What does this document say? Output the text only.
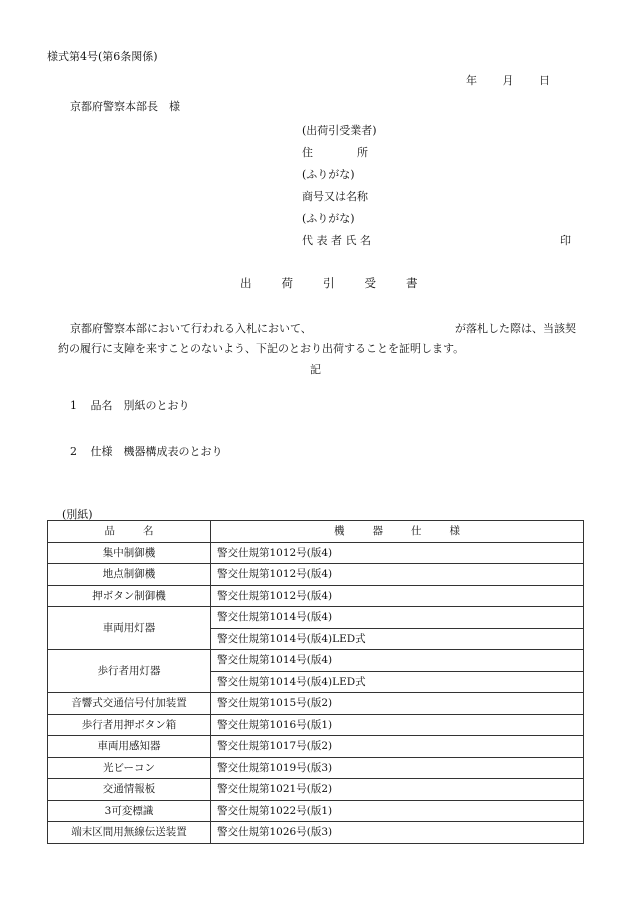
様式第4号(第6条関係)
年 月 日
京都府警察本部長　様
(出荷引受業者)
住　　　　所
(ふりがな)
商号又は名称
(ふりがな)
代 表 者 氏 名	印
出	荷	引	受	書
京都府警察本部において行われる入札において、	が落札した際は、当該契
約の履行に支障を来すことのないよう、下記のとおり出荷することを証明します。
記
1 品名　別紙のとおり
2 仕様　機器構成表のとおり
(別紙)
品 名	機 器 仕 様
集中制御機	警交仕規第1012号(版4)
地点制御機	警交仕規第1012号(版4)
押ボタン制御機	警交仕規第1012号(版4)
車両用灯器	警交仕規第1014号(版4)
	警交仕規第1014号(版4)LED式
歩行者用灯器	警交仕規第1014号(版4)
	警交仕規第1014号(版4)LED式
音響式交通信号付加装置	警交仕規第1015号(版2)
歩行者用押ボタン箱	警交仕規第1016号(版1)
車両用感知器	警交仕規第1017号(版2)
光ビーコン	警交仕規第1019号(版3)
交通情報板	警交仕規第1021号(版2)
3可変標識	警交仕規第1022号(版1)
端末区間用無線伝送装置	警交仕規第1026号(版3)
